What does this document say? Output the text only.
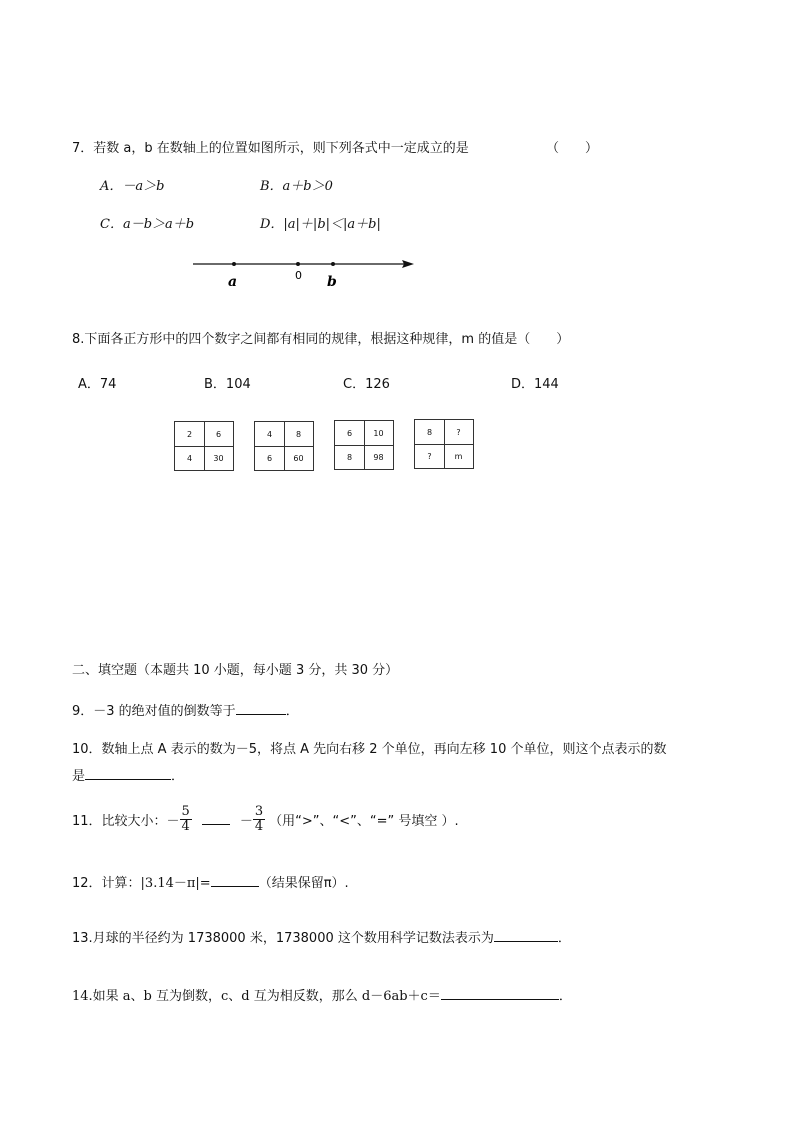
7．若数 a，b 在数轴上的位置如图所示，则下列各式中一定成立的是	（　　）
A．－a＞b	B．a＋b＞0
C．a－b＞a＋b	D．|a|＋|b|＜|a＋b|
a	0 b
8.下面各正方形中的四个数字之间都有相同的规律，根据这种规律，m 的值是（　　）
A．74	B．104	C．126	D．144
2	6
4	30
4	8
6	60
6	10
8	98
8	?
?	m
二、填空题（本题共 10 小题，每小题 3 分，共 30 分）
9．－3 的绝对值的倒数等于	．
10．数轴上点 A 表示的数为－5，将点 A 先向右移 2 个单位，再向左移 10 个单位，则这个点表示的数
是	．
11．比较大小：－ $\frac{5}{4}$	－ $\frac{3}{4}$ （用“>”、“<”、“=” 号填空 ）.
12．计算：|3.14－π|=	（结果保留π）.
13.月球的半径约为 1738000 米，1738000 这个数用科学记数法表示为	．
14.如果 a、b 互为倒数，c、d 互为相反数，那么 d－6ab＋c＝	．
